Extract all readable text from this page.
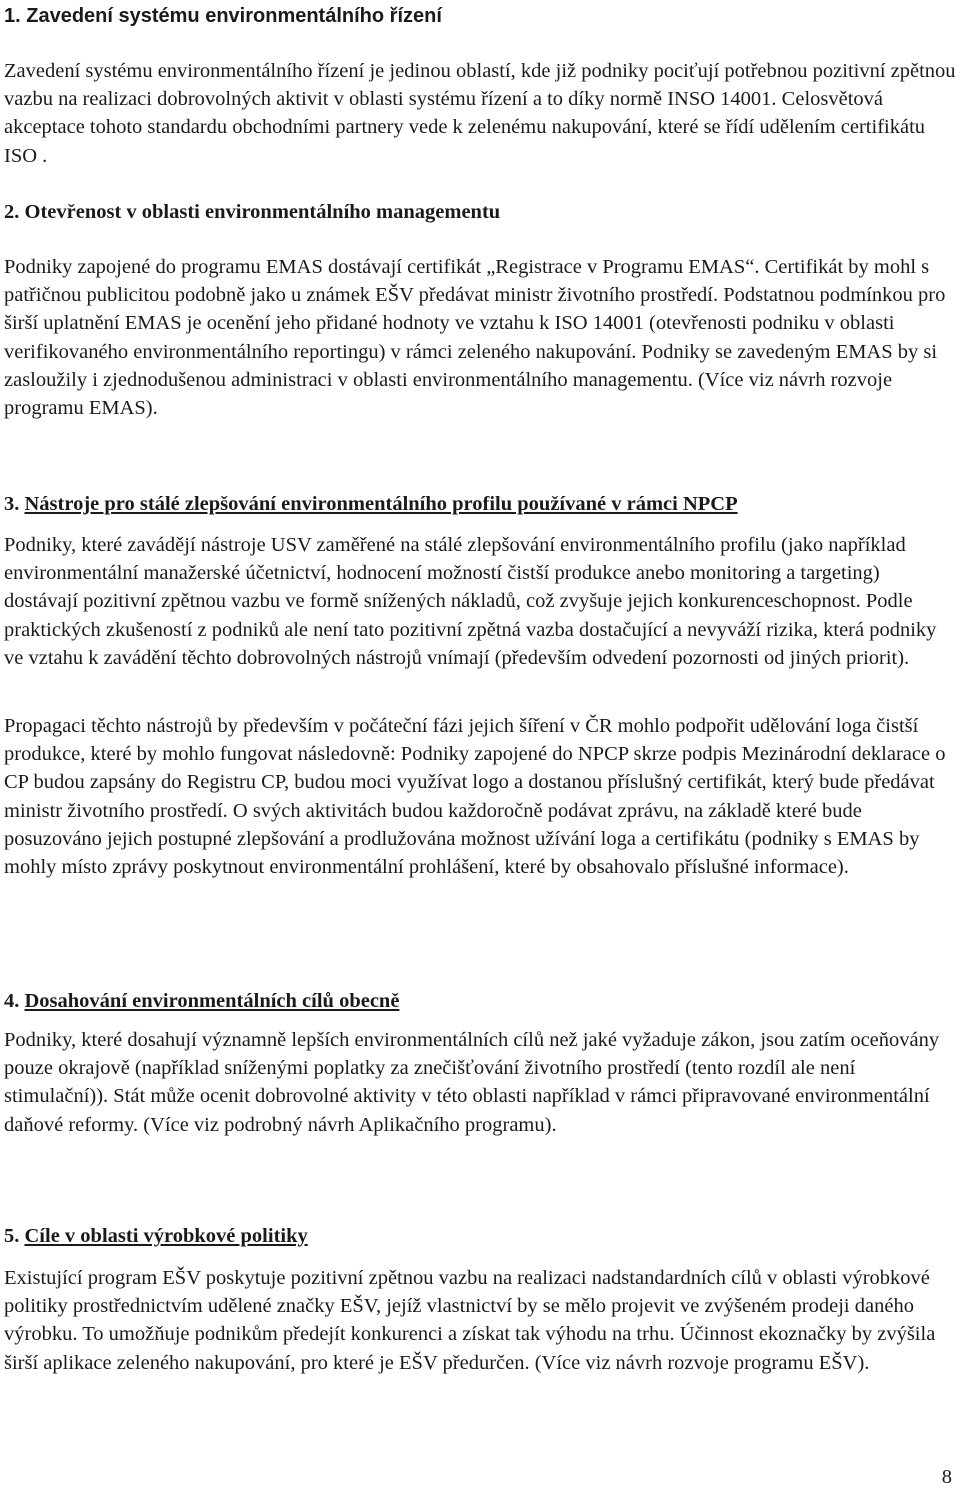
1. Zavedení systému environmentálního řízení

Zavedení systému environmentálního řízení je jedinou oblastí, kde již podniky pociťují potřebnou pozitivní zpětnou vazbu na realizaci dobrovolných aktivit v oblasti systému řízení a to díky normě INSO 14001. Celosvětová akceptace tohoto standardu obchodními partnery vede k zelenému nakupování, které se řídí udělením certifikátu ISO .

2. Otevřenost v oblasti environmentálního managementu

Podniky zapojené do programu EMAS dostávají certifikát „Registrace v Programu EMAS“. Certifikát by mohl s patřičnou publicitou podobně jako u známek EŠV předávat ministr životního prostředí. Podstatnou podmínkou pro širší uplatnění EMAS je ocenění jeho přidané hodnoty ve vztahu k ISO 14001 (otevřenosti podniku v oblasti verifikovaného environmentálního reportingu) v rámci zeleného nakupování. Podniky se zavedeným EMAS by si zasloužily i zjednodušenou administraci v oblasti environmentálního managementu. (Více viz návrh rozvoje programu EMAS).

3. Nástroje pro stálé zlepšování environmentálního profilu používané v rámci NPCP

Podniky, které zavádějí nástroje USV zaměřené na stálé zlepšování environmentálního profilu (jako například environmentální manažerské účetnictví, hodnocení možností čistší produkce anebo monitoring a targeting) dostávají pozitivní zpětnou vazbu ve formě snížených nákladů, což zvyšuje jejich konkurenceschopnost. Podle praktických zkušeností z podniků ale není tato pozitivní zpětná vazba dostačující a nevyváží rizika, která podniky ve vztahu k zavádění těchto dobrovolných nástrojů vnímají (především odvedení pozornosti od jiných priorit).

Propagaci těchto nástrojů by především v počáteční fázi jejich šíření v ČR mohlo podpořit udělování loga čistší produkce, které by mohlo fungovat následovně: Podniky zapojené do NPCP skrze podpis Mezinárodní deklarace o CP budou zapsány do Registru CP, budou moci využívat logo a dostanou příslušný certifikát, který bude předávat ministr životního prostředí. O svých aktivitách budou každoročně podávat zprávu, na základě které bude posuzováno jejich postupné zlepšování a prodlužována možnost užívání loga a certifikátu (podniky s EMAS by mohly místo zprávy poskytnout environmentální prohlášení, které by obsahovalo příslušné informace).

4. Dosahování environmentálních cílů obecně

Podniky, které dosahují významně lepších environmentálních cílů než jaké vyžaduje zákon, jsou zatím oceňovány pouze okrajově (například sníženými poplatky za znečišťování životního prostředí (tento rozdíl ale není stimulační)). Stát může ocenit dobrovolné aktivity v této oblasti například v rámci připravované environmentální daňové reformy. (Více viz podrobný návrh Aplikačního programu).

5. Cíle v oblasti výrobkové politiky

Existující program EŠV poskytuje pozitivní zpětnou vazbu na realizaci nadstandardních cílů v oblasti výrobkové politiky prostřednictvím udělené značky EŠV, jejíž vlastnictví by se mělo projevit ve zvýšeném prodeji daného výrobku. To umožňuje podnikům předejít konkurenci a získat tak výhodu na trhu. Účinnost ekoznačky by zvýšila širší aplikace zeleného nakupování, pro které je EŠV předurčen. (Více viz návrh rozvoje programu EŠV).

8
